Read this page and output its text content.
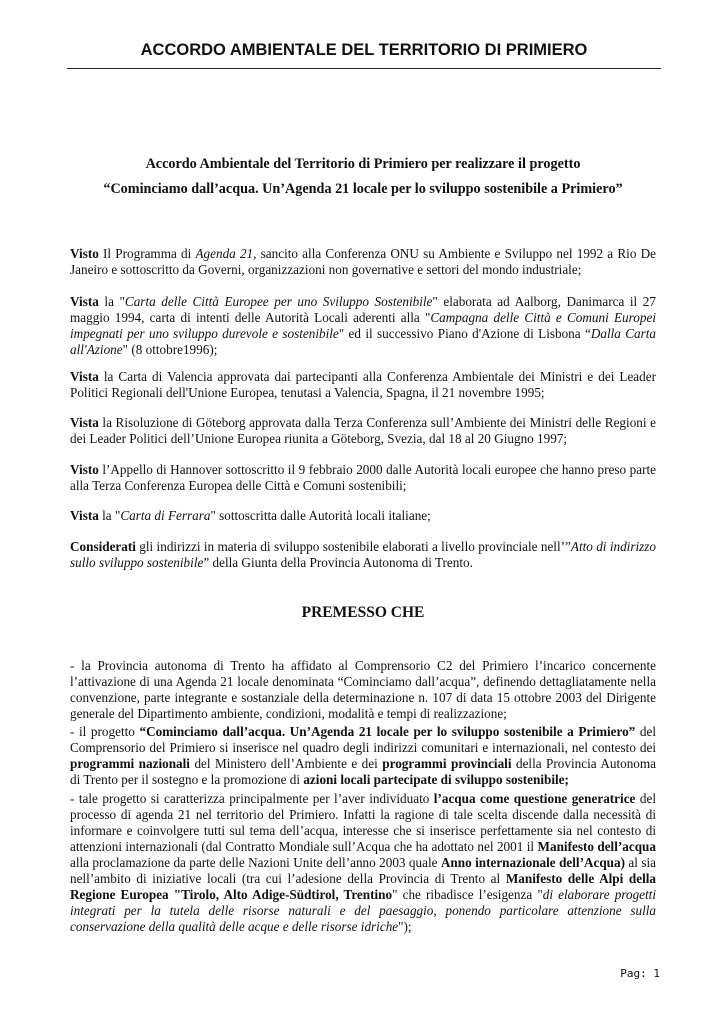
ACCORDO AMBIENTALE DEL TERRITORIO DI PRIMIERO
Accordo Ambientale del Territorio di Primiero per realizzare il progetto
“Cominciamo dall’acqua. Un’Agenda 21 locale per lo sviluppo sostenibile a Primiero”
Visto Il Programma di Agenda 21, sancito alla Conferenza ONU su Ambiente e Sviluppo nel 1992 a Rio De Janeiro e sottoscritto da Governi, organizzazioni non governative e settori del mondo industriale;
Vista la "Carta delle Città Europee per uno Sviluppo Sostenibile" elaborata ad Aalborg, Danimarca il 27 maggio 1994, carta di intenti delle Autorità Locali aderenti alla "Campagna delle Città e Comuni Europei impegnati per uno sviluppo durevole e sostenibile" ed il successivo Piano d'Azione di Lisbona “Dalla Carta all'Azione" (8 ottobre1996);
Vista la Carta di Valencia approvata dai partecipanti alla Conferenza Ambientale dei Ministri e dei Leader Politici Regionali dell'Unione Europea, tenutasi a Valencia, Spagna, il 21 novembre 1995;
Vista la Risoluzione di Göteborg approvata dalla Terza Conferenza sull’Ambiente dei Ministri delle Regioni e dei Leader Politici dell’Unione Europea riunita a Göteborg, Svezia, dal 18 al 20 Giugno 1997;
Visto l’Appello di Hannover sottoscritto il 9 febbraio 2000 dalle Autorità locali europee che hanno preso parte alla Terza Conferenza Europea delle Città e Comuni sostenibili;
Vista la "Carta di Ferrara" sottoscritta dalle Autorità locali italiane;
Considerati gli indirizzi in materia di sviluppo sostenibile elaborati a livello provinciale nell’”Atto di indirizzo sullo sviluppo sostenibile” della Giunta della Provincia Autonoma di Trento.
PREMESSO CHE
- la Provincia autonoma di Trento ha affidato al Comprensorio C2 del Primiero l’incarico concernente l’attivazione di una Agenda 21 locale denominata “Cominciamo dall’acqua”, definendo dettagliatamente nella convenzione, parte integrante e sostanziale della determinazione n. 107 di data 15 ottobre 2003 del Dirigente generale del Dipartimento ambiente, condizioni, modalità e tempi di realizzazione;
- il progetto “Cominciamo dall’acqua. Un’Agenda 21 locale per lo sviluppo sostenibile a Primiero” del Comprensorio del Primiero si inserisce nel quadro degli indirizzi comunitari e internazionali, nel contesto dei programmi nazionali del Ministero dell’Ambiente e dei programmi provinciali della Provincia Autonoma di Trento per il sostegno e la promozione di azioni locali partecipate di sviluppo sostenibile;
- tale progetto si caratterizza principalmente per l’aver individuato l’acqua come questione generatrice del processo di agenda 21 nel territorio del Primiero. Infatti la ragione di tale scelta discende dalla necessità di informare e coinvolgere tutti sul tema dell’acqua, interesse che si inserisce perfettamente sia nel contesto di attenzioni internazionali (dal Contratto Mondiale sull’Acqua che ha adottato nel 2001 il Manifesto dell’acqua alla proclamazione da parte delle Nazioni Unite dell’anno 2003 quale Anno internazionale dell’Acqua) al sia nell’ambito di iniziative locali (tra cui l’adesione della Provincia di Trento al Manifesto delle Alpi della Regione Europea "Tirolo, Alto Adige-Südtirol, Trentino" che ribadisce l’esigenza "di elaborare progetti integrati per la tutela delle risorse naturali e del paesaggio, ponendo particolare attenzione sulla conservazione della qualità delle acque e delle risorse idriche");
Pag: 1
